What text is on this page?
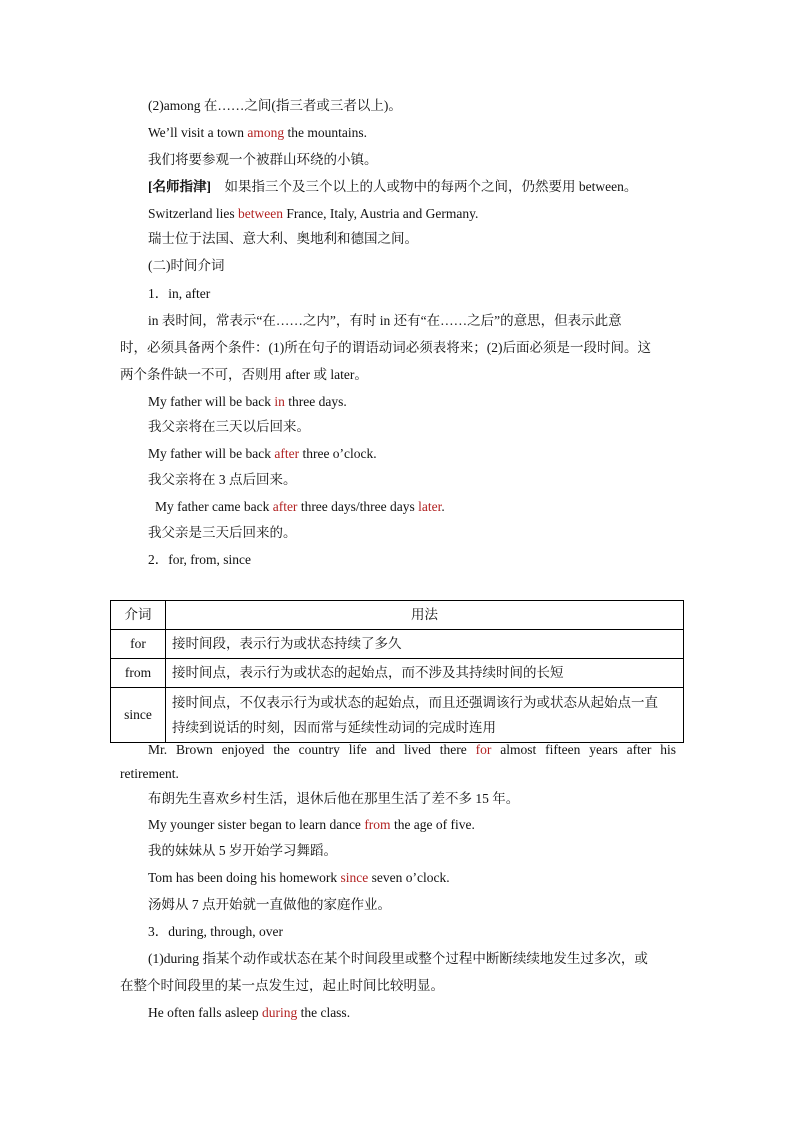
(2)among 在……之间(指三者或三者以上)。
We’ll visit a town among the mountains.
我们将要参观一个被群山环绕的小镇。
[名师指津]　如果指三个及三个以上的人或物中的每两个之间，仍然要用 between。
Switzerland lies between France, Italy, Austria and Germany.
瑞士位于法国、意大利、奥地利和德国之间。
(二)时间介词
1．in, after
in 表时间，常表示“在……之内”，有时 in 还有“在……之后”的意思，但表示此意
时，必须具备两个条件：(1)所在句子的谓语动词必须表将来；(2)后面必须是一段时间。这
两个条件缺一不可，否则用 after 或 later。
My father will be back in three days.
我父亲将在三天以后回来。
My father will be back after three o’clock.
我父亲将在 3 点后回来。
My father came back after three days/three days later.
我父亲是三天后回来的。
2．for, from, since
介词	用法
for	接时间段，表示行为或状态持续了多久
from	接时间点，表示行为或状态的起始点，而不涉及其持续时间的长短
since	接时间点，不仅表示行为或状态的起始点，而且还强调该行为或状态从起始点一直
持续到说话的时刻，因而常与延续性动词的完成时连用
Mr. Brown enjoyed the country life and lived there for almost fifteen years after his
retirement.
布朗先生喜欢乡村生活，退休后他在那里生活了差不多 15 年。
My younger sister began to learn dance from the age of five.
我的妹妹从 5 岁开始学习舞蹈。
Tom has been doing his homework since seven o’clock.
汤姆从 7 点开始就一直做他的家庭作业。
3．during, through, over
(1)during 指某个动作或状态在某个时间段里或整个过程中断断续续地发生过多次，或
在整个时间段里的某一点发生过，起止时间比较明显。
He often falls asleep during the class.
